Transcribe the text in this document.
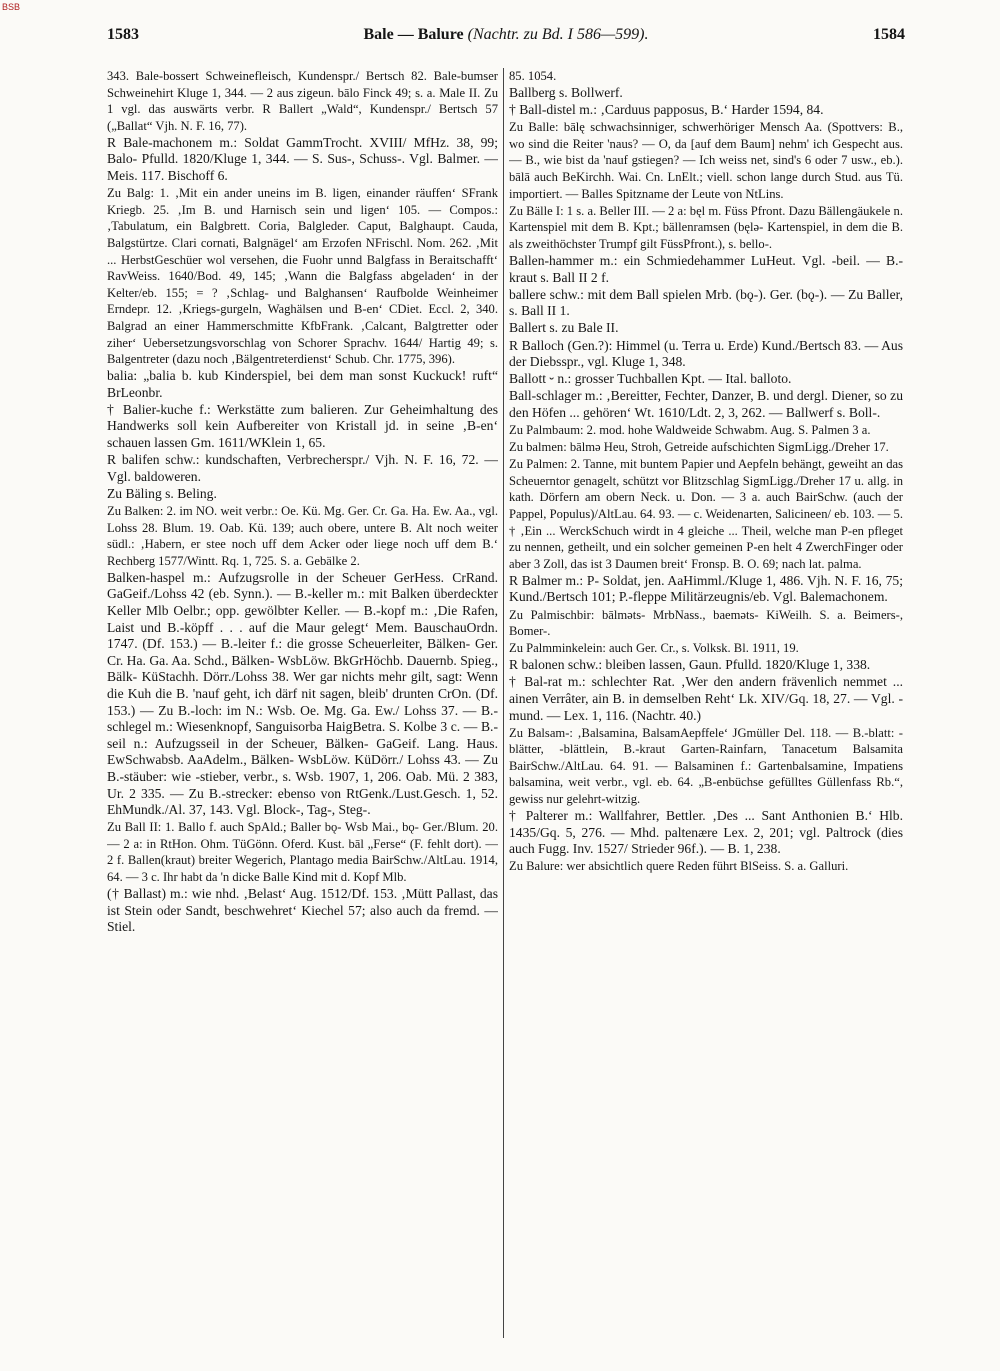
BSB
1583	Bale — Balure (Nachtr. zu Bd. I 586—599).	1584

343. Bale-bossert Schweinefleisch, Kundenspr./ Bertsch 82. Bale-bumser Schweinehirt Kluge 1, 344. — 2 aus zigeun. bālo Finck 49; s. a. Male II. Zu 1 vgl. das auswärts verbr. R Ballert „Wald“, Kundenspr./ Bertsch 57 („Ballat“ Vjh. N. F. 16, 77).

R Bale-machonem m.: Soldat GammTrocht. XVIII/ MfHz. 38, 99; Balo- Pfulld. 1820/Kluge 1, 344. — S. Sus-, Schuss-. Vgl. Balmer. — Meis. 117. Bischoff 6.

Zu Balg: 1. ‚Mit ein ander uneins im B. ligen, einander räuffen‘ SFrank Kriegb. 25. ‚Im B. und Harnisch sein und ligen‘ 105. — Compos.: ‚Tabulatum, ein Balgbrett. Coria, Balgleder. Caput, Balghaupt. Cauda, Balgstürtze. Clari cornati, Balgnägel‘ am Erzofen NFrischl. Nom. 262. ‚Mit ... HerbstGeschüer wol versehen, die Fuohr unnd Balgfass in Beraitschafft‘ RavWeiss. 1640/Bod. 49, 145; ‚Wann die Balgfass abgeladen‘ in der Kelter/eb. 155; = ? ‚Schlag- und Balghansen‘ Raufbolde Weinheimer Erndepr. 12. ‚Kriegs-gurgeln, Waghälsen und B-en‘ CDiet. Eccl. 2, 340. Balgrad an einer Hammerschmitte KfbFrank. ‚Calcant, Balgtretter oder ziher‘ Uebersetzungsvorschlag von Schorer Sprachv. 1644/ Hartig 49; s. Balgentreter (dazu noch ‚Bälgentreterdienst‘ Schub. Chr. 1775, 396).

balia: „balia b. kub Kinderspiel, bei dem man sonst Kuckuck! ruft“ BrLeonbr.

† Balier-kuche f.: Werkstätte zum balieren. Zur Geheimhaltung des Handwerks soll kein Aufbereiter von Kristall jd. in seine ‚B-en‘ schauen lassen Gm. 1611/WKlein 1, 65.

R balifen schw.: kundschaften, Verbrecherspr./ Vjh. N. F. 16, 72. — Vgl. baldoweren.

Zu Bäling s. Beling.

Zu Balken: 2. im NO. weit verbr.: Oe. Kü. Mg. Ger. Cr. Ga. Ha. Ew. Aa., vgl. Lohss 28. Blum. 19. Oab. Kü. 139; auch obere, untere B. Alt noch weiter südl.: ‚Habern, er stee noch uff dem Acker oder liege noch uff dem B.‘ Rechberg 1577/Wintt. Rq. 1, 725. S. a. Gebälke 2.

Balken-haspel m.: Aufzugsrolle in der Scheuer GerHess. CrRand. GaGeif./Lohss 42 (eb. Synn.). — B.-keller m.: mit Balken überdeckter Keller Mlb Oelbr.; opp. gewölbter Keller. — B.-kopf m.: ‚Die Rafen, Laist und B.-köpff . . . auf die Maur gelegt‘ Mem. BauschauOrdn. 1747. (Df. 153.) — B.-leiter f.: die grosse Scheuerleiter, Bälken- Ger. Cr. Ha. Ga. Aa. Schd., Bälken- WsbLöw. BkGrHöchb. Dauernb. Spieg., Bälk- KüStachh. Dörr./Lohss 38. Wer gar nichts mehr gilt, sagt: Wenn die Kuh die B. 'nauf geht, ich därf nit sagen, bleib' drunten CrOn. (Df. 153.) — Zu B.-loch: im N.: Wsb. Oe. Mg. Ga. Ew./ Lohss 37. — B.-schlegel m.: Wiesenknopf, Sanguisorba HaigBetra. S. Kolbe 3 c. — B.-seil n.: Aufzugsseil in der Scheuer, Bälken- GaGeif. Lang. Haus. EwSchwabsb. AaAdelm., Bälken- WsbLöw. KüDörr./ Lohss 43. — Zu B.-stäuber: wie -stieber, verbr., s. Wsb. 1907, 1, 206. Oab. Mü. 2 383, Ur. 2 335. — Zu B.-strecker: ebenso von RtGenk./Lust.Gesch. 1, 52. EhMundk./Al. 37, 143. Vgl. Block-, Tag-, Steg-.

Zu Ball II: 1. Ballo f. auch SpAld.; Baller bǫ- Wsb Mai., bǫ- Ger./Blum. 20. — 2 a: in RtHon. Ohm. TüGönn. Oferd. Kust. bāl „Ferse“ (F. fehlt dort). — 2 f. Ballen(kraut) breiter Wegerich, Plantago media BairSchw./AltLau. 1914, 64. — 3 c. Ihr habt da 'n dicke Balle Kind mit d. Kopf Mlb.

(† Ballast) m.: wie nhd. ‚Belast‘ Aug. 1512/Df. 153. ‚Mütt Pallast, das ist Stein oder Sandt, beschwehret‘ Kiechel 57; also auch da fremd. — Stiel.

85. 1054.

Ballberg s. Bollwerf.

† Ball-distel m.: ‚Carduus papposus, B.‘ Harder 1594, 84.

Zu Balle: bālę schwachsinniger, schwerhöriger Mensch Aa. (Spottvers: B., wo sind die Reiter 'naus? — O, da [auf dem Baum] nehm' ich Gespecht aus. — B., wie bist da 'nauf gstiegen? — Ich weiss net, sind's 6 oder 7 usw., eb.). bālā auch BeKirchh. Wai. Cn. LnElt.; viell. schon lange durch Stud. aus Tü. importiert. — Balles Spitzname der Leute von NtLins.

Zu Bälle I: 1 s. a. Beller III. — 2 a: bęl m. Füss Pfront. Dazu Bällengäukele n. Kartenspiel mit dem B. Kpt.; bällenramsen (bęlə- Kartenspiel, in dem die B. als zweithöchster Trumpf gilt FüssPfront.), s. bello-.

Ballen-hammer m.: ein Schmiedehammer LuHeut. Vgl. -beil. — B.-kraut s. Ball II 2 f.

ballere schw.: mit dem Ball spielen Mrb. (bǫ-). Ger. (bǫ-). — Zu Baller, s. Ball II 1.

Ballert s. zu Bale II.

R Balloch (Gen.?): Himmel (u. Terra u. Erde) Kund./Bertsch 83. — Aus der Diebsspr., vgl. Kluge 1, 348.

Ballott ⏑ n.: grosser Tuchballen Kpt. — Ital. balloto.

Ball-schlager m.: ‚Bereitter, Fechter, Danzer, B. und dergl. Diener, so zu den Höfen ... gehören‘ Wt. 1610/Ldt. 2, 3, 262. — Ballwerf s. Boll-.

Zu Palmbaum: 2. mod. hohe Waldweide Schwabm. Aug. S. Palmen 3 a.

Zu balmen: bālmə Heu, Stroh, Getreide aufschichten SigmLigg./Dreher 17.

Zu Palmen: 2. Tanne, mit buntem Papier und Aepfeln behängt, geweiht an das Scheuerntor genagelt, schützt vor Blitzschlag SigmLigg./Dreher 17 u. allg. in kath. Dörfern am obern Neck. u. Don. — 3 a. auch BairSchw. (auch der Pappel, Populus)/AltLau. 64. 93. — c. Weidenarten, Salicineen/ eb. 103. — 5. † ‚Ein ... WerckSchuch wirdt in 4 gleiche ... Theil, welche man P-en pfleget zu nennen, getheilt, und ein solcher gemeinen P-en helt 4 ZwerchFinger oder aber 3 Zoll, das ist 3 Daumen breit‘ Fronsp. B. O. 69; nach lat. palma.

R Balmer m.: P- Soldat, jen. AaHimml./Kluge 1, 486. Vjh. N. F. 16, 75; Kund./Bertsch 101; P.-fleppe Militärzeugnis/eb. Vgl. Balemachonem.

Zu Palmischbir: bālməts- MrbNass., baeməts- KiWeilh. S. a. Beimers-, Bomer-.

Zu Palmminkelein: auch Ger. Cr., s. Volksk. Bl. 1911, 19.

R balonen schw.: bleiben lassen, Gaun. Pfulld. 1820/Kluge 1, 338.

† Bal-rat m.: schlechter Rat. ‚Wer den andern frävenlich nemmet ... ainen Verrâter, ain B. in demselben Reht‘ Lk. XIV/Gq. 18, 27. — Vgl. -mund. — Lex. 1, 116. (Nachtr. 40.)

Zu Balsam-: ‚Balsamina, BalsamAepffele‘ JGmüller Del. 118. — B.-blatt: -blätter, -blättlein, B.-kraut Garten-Rainfarn, Tanacetum Balsamita BairSchw./AltLau. 64. 91. — Balsaminen f.: Gartenbalsamine, Impatiens balsamina, weit verbr., vgl. eb. 64. „B-enbüchse gefülltes Güllenfass Rb.“, gewiss nur gelehrt-witzig.

† Palterer m.: Wallfahrer, Bettler. ‚Des ... Sant Anthonien B.‘ Hlb. 1435/Gq. 5, 276. — Mhd. paltenære Lex. 2, 201; vgl. Paltrock (dies auch Fugg. Inv. 1527/ Strieder 96f.). — B. 1, 238.

Zu Balure: wer absichtlich quere Reden führt BlSeiss. S. a. Galluri.
